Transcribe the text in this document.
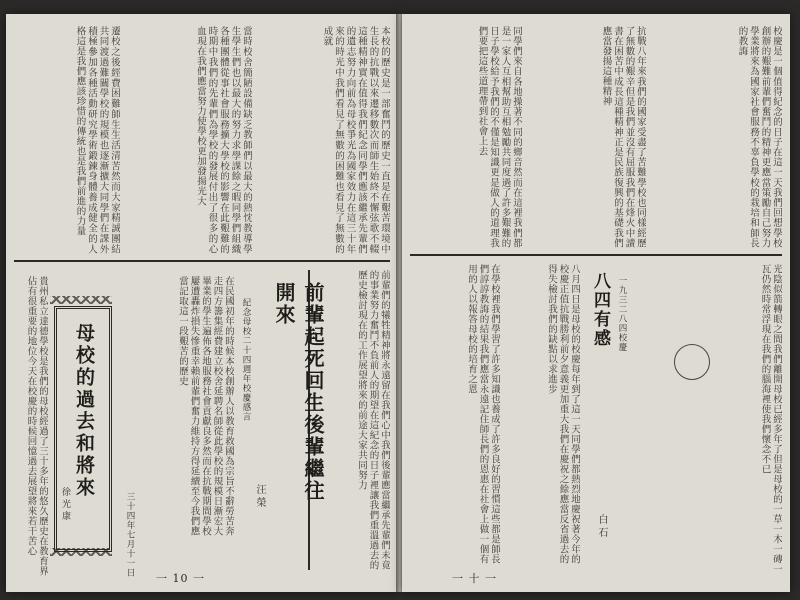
本校的歷史是一部奮鬥的歷史一直是在艱苦環境中生長的抗戰以來遷移數次而師生始終不懈弦歌不輟這種精神實在值得我們紀念同學們應該繼承先輩們的遺志努力向前為母校爭光為國家效力在這三十年來的時光中我們看見了無數的困難也看見了無數的成就
當時校舍簡陋設備缺乏教師們以最大的熱忱教導學生學生們也以最大的努力求學課餘之暇同學們組織各種團體從事社會服務擴大學校的影響在此艱難的時期中我們的先輩們為學校的發展付出了很多的心血現在我們應當努力使學校更加發揚光大
遷校之後經費困難師生生活清苦然而大家精誠團結共同渡過難關學校的規模也逐漸擴大同學們在課外積極參加各種活動研究學術鍛鍊身體養成健全的人格這是我們應該珍惜的傳統也是我們前進的力量
前輩們的犧牲精神將永遠留在我們心中我們後輩應當繼承先輩們未竟的事業努力奮鬥不負前人的期望在這紀念的日子裡讓我們重溫過去的歷史檢討現在的工作展望將來的前途大家共同努力
前輩起死回生後輩繼往開來
汪榮
紀念母校二十四週年校慶感言
在民國初年的時候本校創辦人以教育救國為宗旨不辭勞苦奔走四方籌集經費建立校舍延聘名師從此學校的規模日漸宏大畢業的學生遍佈各地服務社會貢獻良多然而在抗戰期間學校屢遭轟炸損失慘重幸賴前輩們奮力維持方得延續至今我們應當記取這一段艱苦的歷史
三十四年七月十一日
母校的過去和將來
徐光康
貴州私立達德學校是我們的母校經過了三十多年的悠久歷史在教育界佔有很重要的地位今天在校慶的時候回憶過去展望將來若干苦心
一 10 一
校慶是一個值得紀念的日子在這一天我們回想學校創辦的艱難前輩們奮鬥的精神更應當策勵自己努力學業將來為國家社會服務不辜負學校的栽培和師長的教誨
抗戰八年來我們的國家受盡了苦難學校也同樣經歷了無數的艱辛但是我們並沒有屈服我們在烽火中讀書在困苦中成長這種精神正是民族復興的基礎我們應當發揚這種精神
同學們來自各地操著不同的鄉音然而在這裡我們都是一家人互相幫助互相勉勵共同度過了許多艱難的日子學校給予我們的不僅是知識更是做人的道理我們要把這些道理帶到社會上去
光陰似箭轉眼之間我們離開母校已經多年了但是母校的一草一木一磚一瓦仍然時常浮現在我們的腦海裡使我們懷念不已
八四有感 一九三二八四校慶
白石
八月四日是母校的校慶每年到了這一天同學們都熱烈地慶祝著今年的校慶正值抗戰勝利前夕意義更加重大我們在慶祝之餘應當反省過去的得失檢討我們的缺點以求進步
在學校裡我們學習了許多知識也養成了許多良好的習慣這些都是師長們諄諄教誨的結果我們應當永遠記住師長們的恩惠在社會上做一個有用的人以報答母校的培育之恩
一 十 一
